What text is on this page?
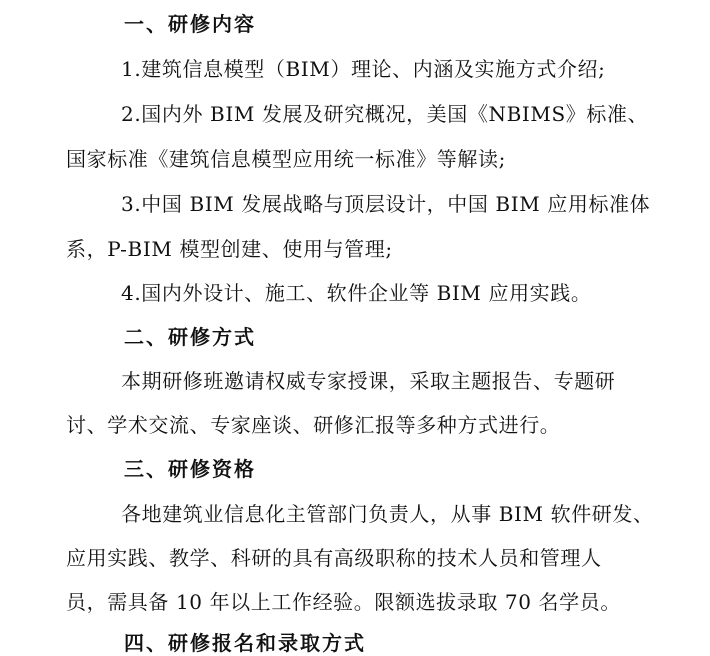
一、研修内容
1.建筑信息模型（BIM）理论、内涵及实施方式介绍;
2.国内外 BIM 发展及研究概况，美国《NBIMS》标准、
国家标准《建筑信息模型应用统一标准》等解读;
3.中国 BIM 发展战略与顶层设计，中国 BIM 应用标准体
系，P-BIM 模型创建、使用与管理;
4.国内外设计、施工、软件企业等 BIM 应用实践。
二、研修方式
本期研修班邀请权威专家授课，采取主题报告、专题研
讨、学术交流、专家座谈、研修汇报等多种方式进行。
三、研修资格
各地建筑业信息化主管部门负责人，从事 BIM 软件研发、
应用实践、教学、科研的具有高级职称的技术人员和管理人
员，需具备 10 年以上工作经验。限额选拔录取 70 名学员。
四、研修报名和录取方式
